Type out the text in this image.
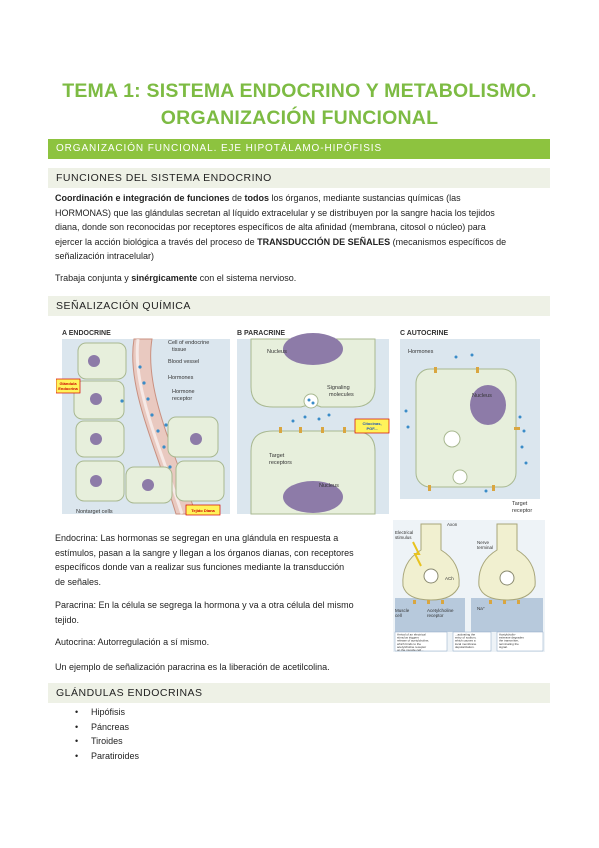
TEMA 1: SISTEMA ENDOCRINO Y METABOLISMO.
ORGANIZACIÓN FUNCIONAL
ORGANIZACIÓN FUNCIONAL. EJE HIPOTÁLAMO-HIPÓFISIS
FUNCIONES DEL SISTEMA ENDOCRINO
Coordinación e integración de funciones de todos los órganos, mediante sustancias químicas (las
HORMONAS) que las glándulas secretan al líquido extracelular y se distribuyen por la sangre hacia los tejidos
diana, donde son reconocidas por receptores específicos de alta afinidad (membrana, citosol o núcleo) para
ejercer la acción biológica a través del proceso de TRANSDUCCIÓN DE SEÑALES (mecanismos específicos de
señalización intracelular)
Trabaja conjunta y sinérgicamente con el sistema nervioso.
SEÑALIZACIÓN QUÍMICA
A ENDOCRINE
Cell of endocrine
tissue
Blood vessel
Hormones
Hormone
receptor
Nontarget cells
Glándula
Endocrina
Tejido Diana
B PARACRINE
Nucleus
Signaling
molecules
Target
receptors
Nucleus
Citocinas,
PGF...
C AUTOCRINE
Hormones
Nucleus
Target
receptor
Axon
Electrical
stimulus
Nerve
terminal
ACh
Muscle
cell
Acetylcholine
receptor
Na⁺
Arrival of an electrical
stimulus triggers
release of acetylcholine,
which binds to the
acetylcholine receptor
on the muscle cell...
...activating the
entry of sodium,
which causes a
local membrane
depolarization.
Acetylcholin-
esterase degrades
the transmitter,
terminating the
signal.
Endocrina: Las hormonas se segregan en una glándula en respuesta a
estímulos, pasan a la sangre y llegan a los órganos dianas, con receptores
específicos donde van a realizar sus funciones mediante la transducción
de señales.
Paracrina: En la célula se segrega la hormona y va a otra célula del mismo
tejido.
Autocrina: Autorregulación a sí mismo.
Un ejemplo de señalización paracrina es la liberación de acetilcolina.
GLÁNDULAS ENDOCRINAS
• Hipófisis
• Páncreas
• Tiroides
• Paratiroides
